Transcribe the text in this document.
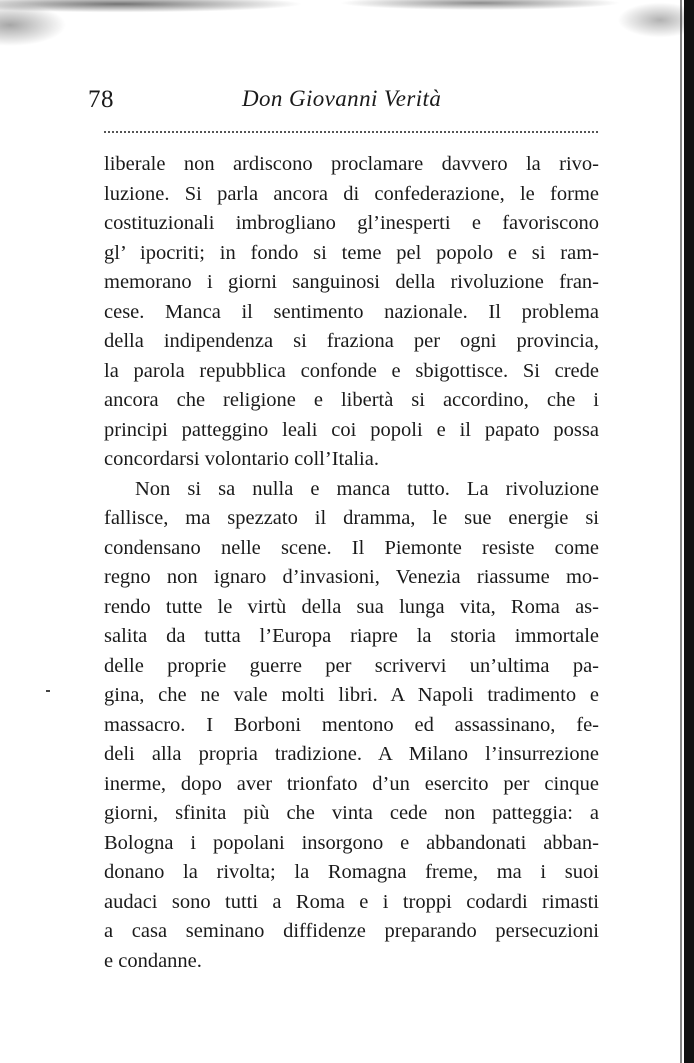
78	Don Giovanni Verità
liberale non ardiscono proclamare davvero la rivo-
luzione. Si parla ancora di confederazione, le forme
costituzionali imbrogliano gl’inesperti e favoriscono
gl’ ipocriti; in fondo si teme pel popolo e si ram-
memorano i giorni sanguinosi della rivoluzione fran-
cese. Manca il sentimento nazionale. Il problema
della indipendenza si fraziona per ogni provincia,
la parola repubblica confonde e sbigottisce. Si crede
ancora che religione e libertà si accordino, che i
principi patteggino leali coi popoli e il papato possa
concordarsi volontario coll’Italia.
Non si sa nulla e manca tutto. La rivoluzione
fallisce, ma spezzato il dramma, le sue energie si
condensano nelle scene. Il Piemonte resiste come
regno non ignaro d’invasioni, Venezia riassume mo-
rendo tutte le virtù della sua lunga vita, Roma as-
salita da tutta l’Europa riapre la storia immortale
delle proprie guerre per scrivervi un’ultima pa-
gina, che ne vale molti libri. A Napoli tradimento e
massacro. I Borboni mentono ed assassinano, fe-
deli alla propria tradizione. A Milano l’insurrezione
inerme, dopo aver trionfato d’un esercito per cinque
giorni, sfinita più che vinta cede non patteggia: a
Bologna i popolani insorgono e abbandonati abban-
donano la rivolta; la Romagna freme, ma i suoi
audaci sono tutti a Roma e i troppi codardi rimasti
a casa seminano diffidenze preparando persecuzioni
e condanne.
